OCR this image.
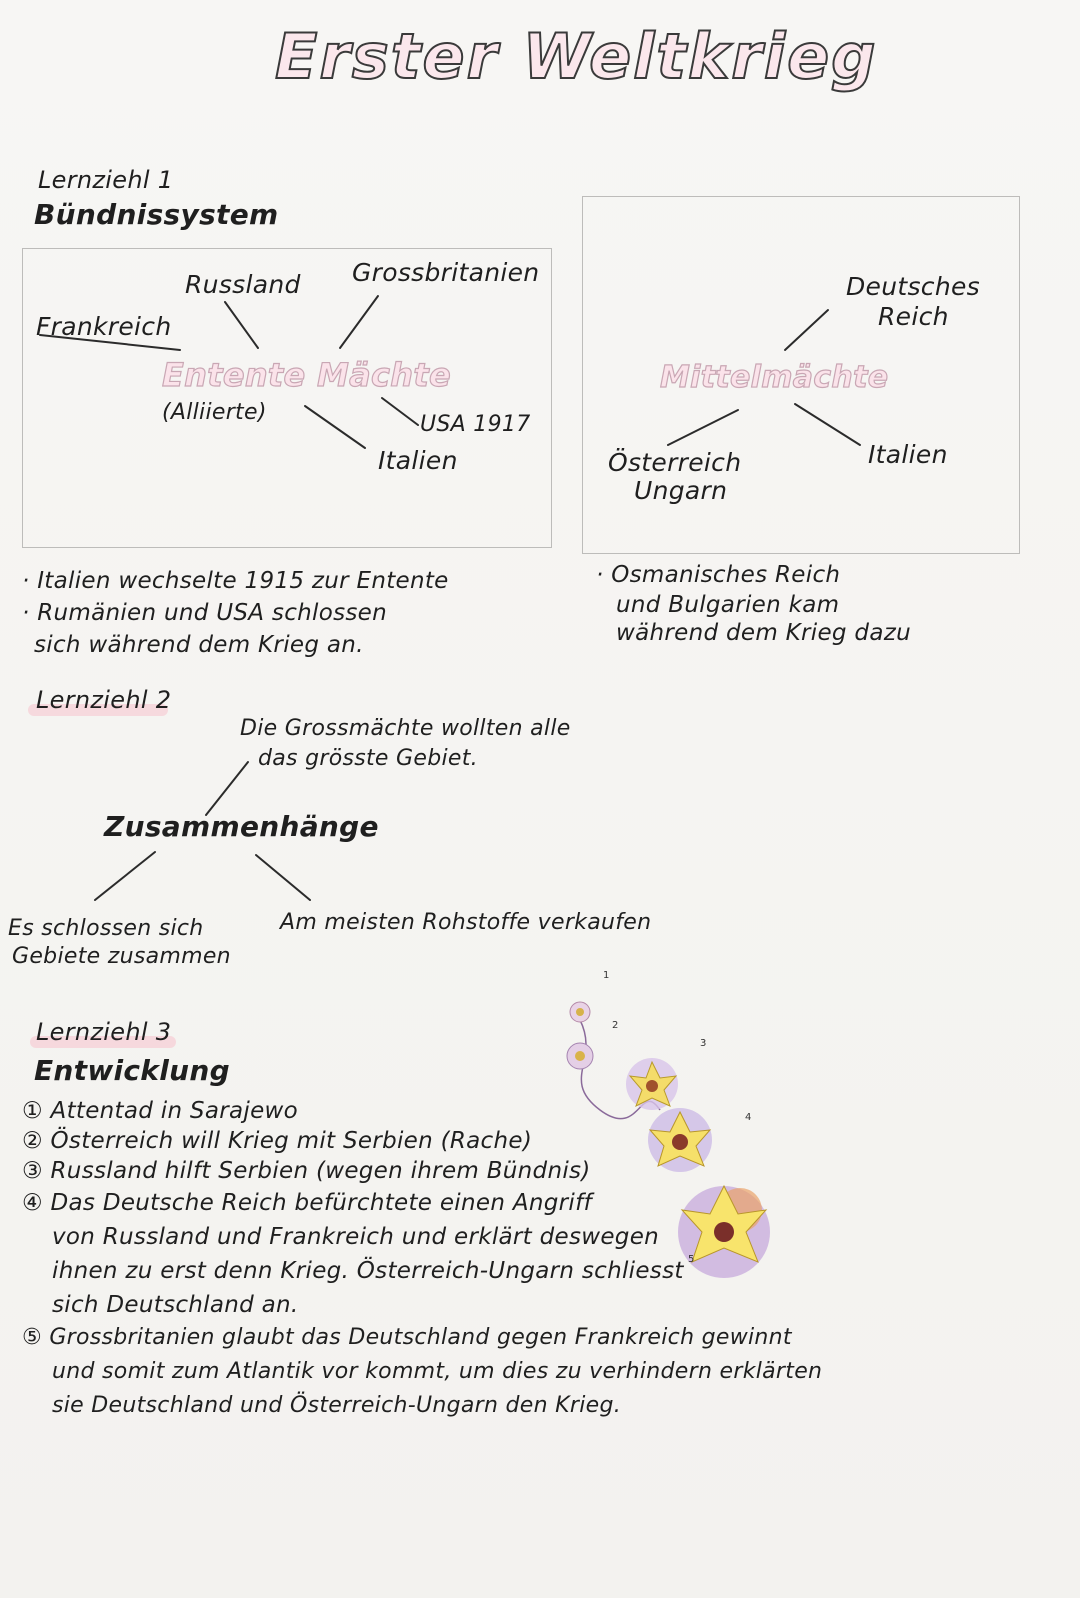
Erster Weltkrieg
Lernziehl 1
Bündnissystem
Russland Grossbritanien
Frankreich
Entente Mächte
(Alliierte)	USA 1917
Italien
Deutsches
Reich
Mittelmächte
Österreich
Ungarn
Italien
· Italien wechselte 1915 zur Entente
· Rumänien und USA schlossen
sich während dem Krieg an.
· Osmanisches Reich
und Bulgarien kam
während dem Krieg dazu
Lernziehl 2
Die Grossmächte wollten alle
das grösste Gebiet.
Zusammenhänge
Es schlossen sich
Gebiete zusammen
Am meisten Rohstoffe verkaufen
Lernziehl 3
Entwicklung
① Attentad in Sarajewo
② Österreich will Krieg mit Serbien (Rache)
③ Russland hilft Serbien (wegen ihrem Bündnis)
④ Das Deutsche Reich befürchtete einen Angriff
von Russland und Frankreich und erklärt deswegen
ihnen zu erst denn Krieg. Österreich-Ungarn schliesst
sich Deutschland an.
⑤ Grossbritanien glaubt das Deutschland gegen Frankreich gewinnt
und somit zum Atlantik vor kommt, um dies zu verhindern erklärten
sie Deutschland und Österreich-Ungarn den Krieg.
1
2
3
4
5
